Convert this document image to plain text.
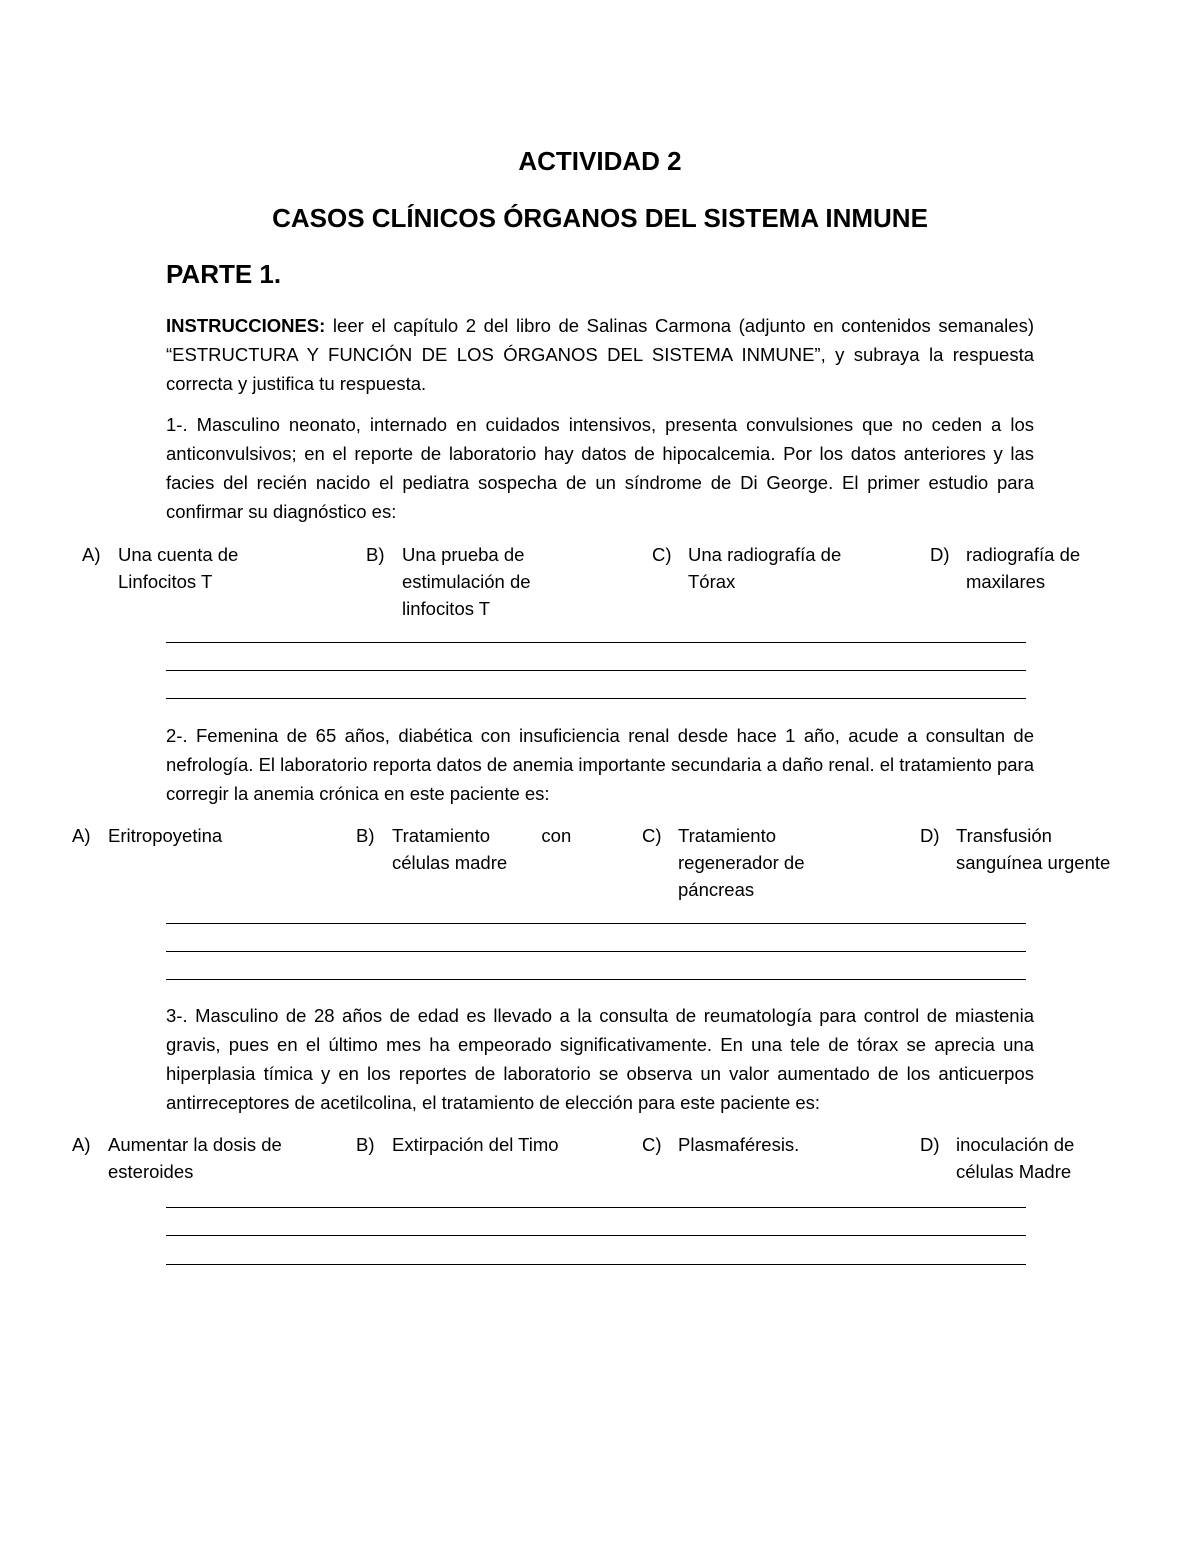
ACTIVIDAD 2
CASOS CLÍNICOS ÓRGANOS DEL SISTEMA INMUNE
PARTE 1.
INSTRUCCIONES: leer el capítulo 2 del libro de Salinas Carmona (adjunto en contenidos semanales) “ESTRUCTURA Y FUNCIÓN DE LOS ÓRGANOS DEL SISTEMA INMUNE”, y subraya la respuesta correcta y justifica tu respuesta.
1-. Masculino neonato, internado en cuidados intensivos, presenta convulsiones que no ceden a los anticonvulsivos; en el reporte de laboratorio hay datos de hipocalcemia. Por los datos anteriores y las facies del recién nacido el pediatra sospecha de un síndrome de Di George. El primer estudio para confirmar su diagnóstico es:
A) Una cuenta de
Linfocitos T
B) Una prueba de
estimulación de
linfocitos T
C) Una radiografía de
Tórax
D) radiografía de
maxilares
2-. Femenina de 65 años, diabética con insuficiencia renal desde hace 1 año, acude a consultan de nefrología. El laboratorio reporta datos de anemia importante secundaria a daño renal. el tratamiento para corregir la anemia crónica en este paciente es:
A) Eritropoyetina	B) Tratamiento          con
células madre
C) Tratamiento
regenerador de
páncreas
D) Transfusión
sanguínea urgente
3-. Masculino de 28 años de edad es llevado a la consulta de reumatología para control de miastenia gravis, pues en el último mes ha empeorado significativamente. En una tele de tórax se aprecia una hiperplasia tímica y en los reportes de laboratorio se observa un valor aumentado de los anticuerpos antirreceptores de acetilcolina, el tratamiento de elección para este paciente es:
A) Aumentar la dosis de
esteroides
B) Extirpación del Timo	C) Plasmaféresis.	D) inoculación de
células Madre
